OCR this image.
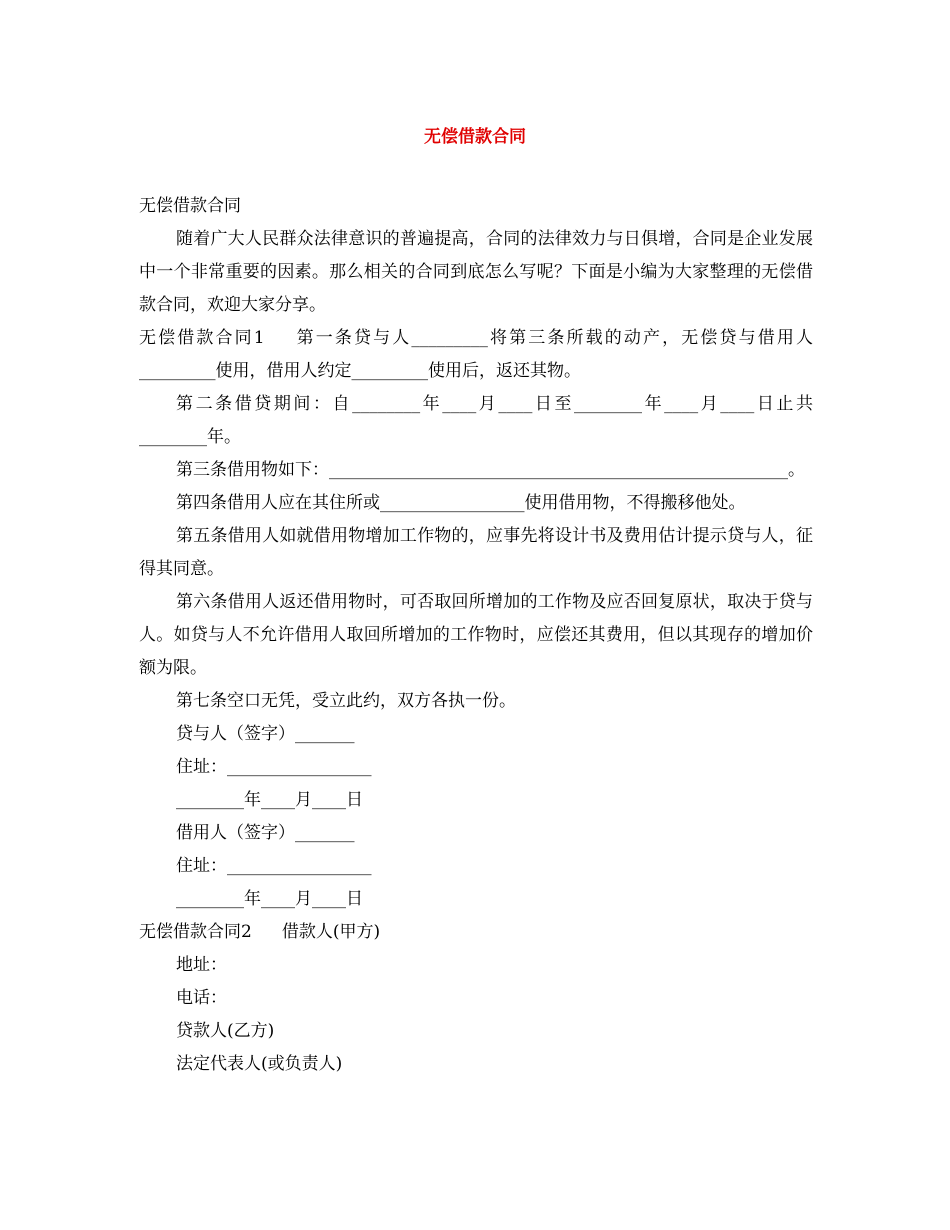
无偿借款合同

无偿借款合同

随着广大人民群众法律意识的普遍提高，合同的法律效力与日俱增，合同是企业发展中一个非常重要的因素。那么相关的合同到底怎么写呢？下面是小编为大家整理的无偿借款合同，欢迎大家分享。

无偿借款合同1 第一条贷与人_________将第三条所载的动产，无偿贷与借用人_________使用，借用人约定_________使用后，返还其物。

第二条借贷期间：自________年____月____日至________年____月____日止共________年。

第三条借用物如下：______________________________________________________。

第四条借用人应在其住所或_________________使用借用物，不得搬移他处。

第五条借用人如就借用物增加工作物的，应事先将设计书及费用估计提示贷与人，征得其同意。

第六条借用人返还借用物时，可否取回所增加的工作物及应否回复原状，取决于贷与人。如贷与人不允许借用人取回所增加的工作物时，应偿还其费用，但以其现存的增加价额为限。

第七条空口无凭，受立此约，双方各执一份。

贷与人（签字）_______

住址：_________________

________年____月____日

借用人（签字）_______

住址：_________________

________年____月____日

无偿借款合同2 借款人(甲方)

地址：

电话：

贷款人(乙方)

法定代表人(或负责人)
